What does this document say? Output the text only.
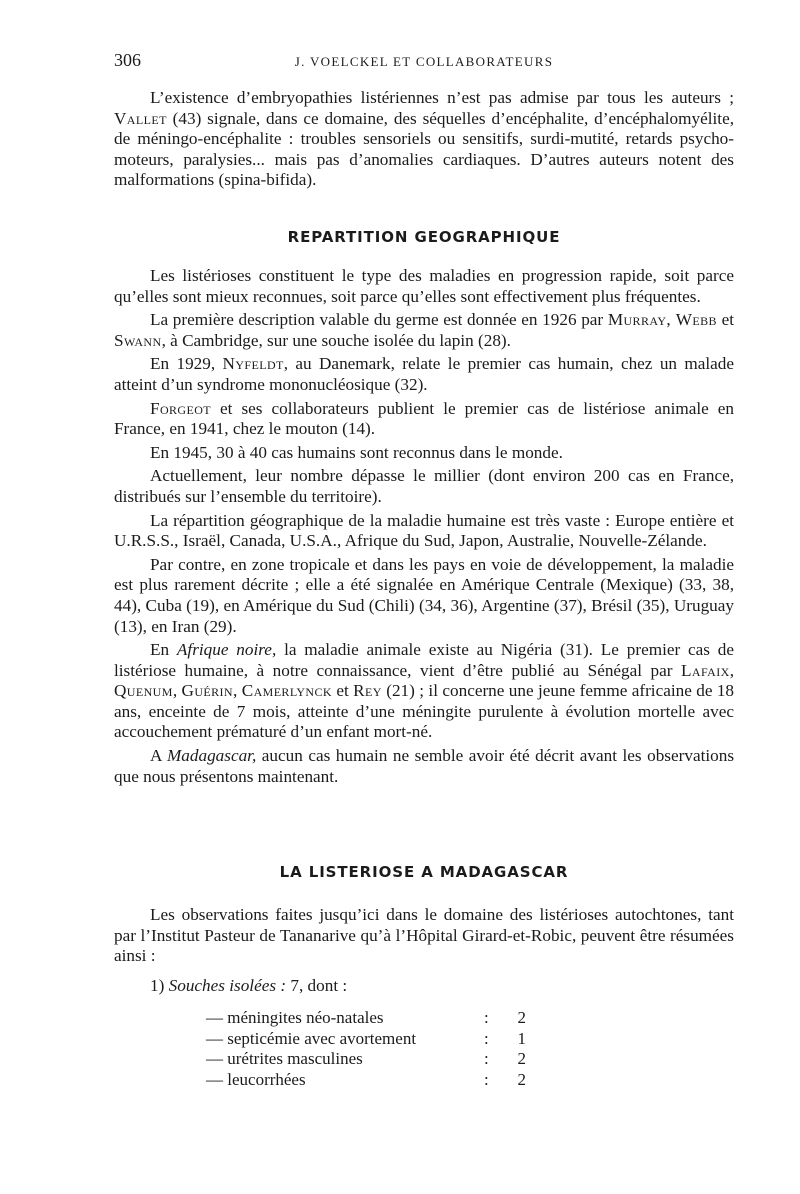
306	J. VOELCKEL ET COLLABORATEURS

L’existence d’embryopathies listériennes n’est pas admise par tous les auteurs ; Vallet (43) signale, dans ce domaine, des séquelles d’encéphalite, d’encéphalomyélite, de méningo-encéphalite : troubles sensoriels ou sensitifs, surdi-mutité, retards psycho-moteurs, paralysies... mais pas d’anomalies cardiaques. D’autres auteurs notent des malformations (spina-bifida).

REPARTITION GEOGRAPHIQUE

Les listérioses constituent le type des maladies en progression rapide, soit parce qu’elles sont mieux reconnues, soit parce qu’elles sont effectivement plus fréquentes.

La première description valable du germe est donnée en 1926 par Murray, Webb et Swann, à Cambridge, sur une souche isolée du lapin (28).

En 1929, Nyfeldt, au Danemark, relate le premier cas humain, chez un malade atteint d’un syndrome mononucléosique (32).

Forgeot et ses collaborateurs publient le premier cas de listériose animale en France, en 1941, chez le mouton (14).

En 1945, 30 à 40 cas humains sont reconnus dans le monde.

Actuellement, leur nombre dépasse le millier (dont environ 200 cas en France, distribués sur l’ensemble du territoire).

La répartition géographique de la maladie humaine est très vaste : Europe entière et U.R.S.S., Israël, Canada, U.S.A., Afrique du Sud, Japon, Australie, Nouvelle-Zélande.

Par contre, en zone tropicale et dans les pays en voie de développement, la maladie est plus rarement décrite ; elle a été signalée en Amérique Centrale (Mexique) (33, 38, 44), Cuba (19), en Amérique du Sud (Chili) (34, 36), Argentine (37), Brésil (35), Uruguay (13), en Iran (29).

En Afrique noire, la maladie animale existe au Nigéria (31). Le premier cas de listériose humaine, à notre connaissance, vient d’être publié au Sénégal par Lafaix, Quenum, Guérin, Camerlynck et Rey (21) ; il concerne une jeune femme africaine de 18 ans, enceinte de 7 mois, atteinte d’une méningite purulente à évolution mortelle avec accouchement prématuré d’un enfant mort-né.

A Madagascar, aucun cas humain ne semble avoir été décrit avant les observations que nous présentons maintenant.

LA LISTERIOSE A MADAGASCAR

Les observations faites jusqu’ici dans le domaine des listérioses autochtones, tant par l’Institut Pasteur de Tananarive qu’à l’Hôpital Girard-et-Robic, peuvent être résumées ainsi :

1) Souches isolées : 7, dont :

— méningites néo-natales	:	2
— septicémie avec avortement	:	1
— urétrites masculines	:	2
— leucorrhées	:	2
